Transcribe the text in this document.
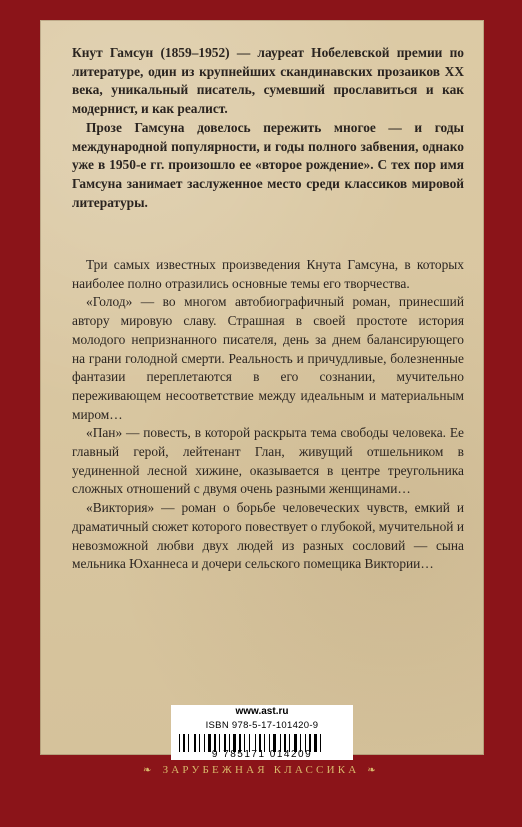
Кнут Гамсун (1859–1952) — лауреат Нобелевской премии по литературе, один из крупнейших скандинавских прозаиков XX века, уникальный писатель, сумевший прославиться и как модернист, и как реалист.

Прозе Гамсуна довелось пережить многое — и годы международной популярности, и годы полного забвения, однако уже в 1950-е гг. произошло ее «второе рождение». С тех пор имя Гамсуна занимает заслуженное место среди классиков мировой литературы.

Три самых известных произведения Кнута Гамсуна, в которых наиболее полно отразились основные темы его творчества.

«Голод» — во многом автобиографичный роман, принесший автору мировую славу. Страшная в своей простоте история молодого непризнанного писателя, день за днем балансирующего на грани голодной смерти. Реальность и причудливые, болезненные фантазии переплетаются в его сознании, мучительно переживающем несоответствие между идеальным и материальным миром…

«Пан» — повесть, в которой раскрыта тема свободы человека. Ее главный герой, лейтенант Глан, живущий отшельником в уединенной лесной хижине, оказывается в центре треугольника сложных отношений с двумя очень разными женщинами…

«Виктория» — роман о борьбе человеческих чувств, емкий и драматичный сюжет которого повествует о глубокой, мучительной и невозможной любви двух людей из разных сословий — сына мельника Юханнеса и дочери сельского помещика Виктории…

www.ast.ru
ISBN 978-5-17-101420-9
9 785171 014209
❧ ЗАРУБЕЖНАЯ КЛАССИКА ❧
